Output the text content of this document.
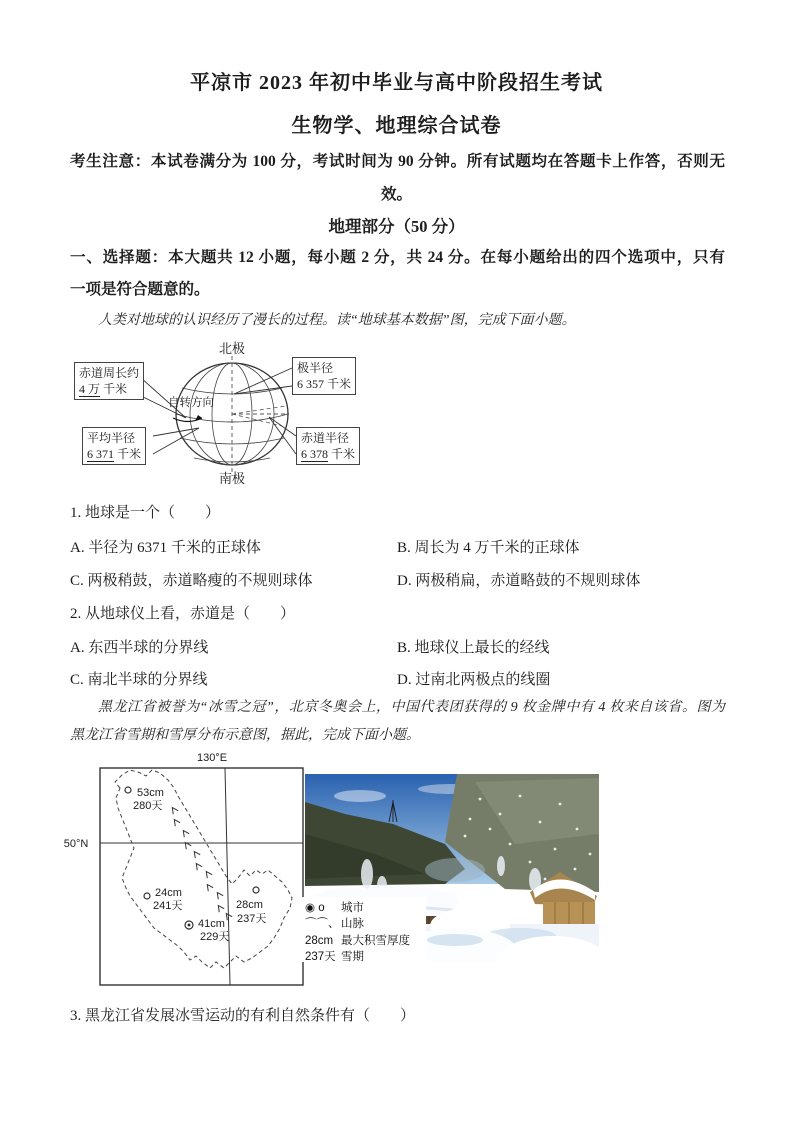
平凉市 2023 年初中毕业与高中阶段招生考试
生物学、地理综合试卷
考生注意：本试卷满分为 100 分，考试时间为 90 分钟。所有试题均在答题卡上作答，否则无
效。
地理部分（50 分）
一、选择题：本大题共 12 小题，每小题 2 分，共 24 分。在每小题给出的四个选项中，只有
一项是符合题意的。
人类对地球的认识经历了漫长的过程。读“地球基本数据”图，完成下面小题。
北极
南极
自转方向
赤道周长约
4 万 千米
极半径
6 357 千米
平均半径
6 371 千米
赤道半径
6 378 千米
1. 地球是一个（　　）
A. 半径为 6371 千米的正球体	B. 周长为 4 万千米的正球体
C. 两极稍鼓，赤道略瘦的不规则球体	D. 两极稍扁，赤道略鼓的不规则球体
2. 从地球仪上看，赤道是（　　）
A. 东西半球的分界线	B. 地球仪上最长的经线
C. 南北半球的分界线	D. 过南北两极点的线圈
黑龙江省被誉为“冰雪之冠”，北京冬奥会上，中国代表团获得的 9 枚金牌中有 4 枚来自该省。图为
黑龙江省雪期和雪厚分布示意图，据此，完成下面小题。
130°E
50°N
53cm
280天
24cm
241天
41cm
229天
28cm
237天
◉ o	城市
⌒⌒、 山脉
28cm 最大积雪厚度
237天 雪期
3. 黑龙江省发展冰雪运动的有利自然条件有（　　）
